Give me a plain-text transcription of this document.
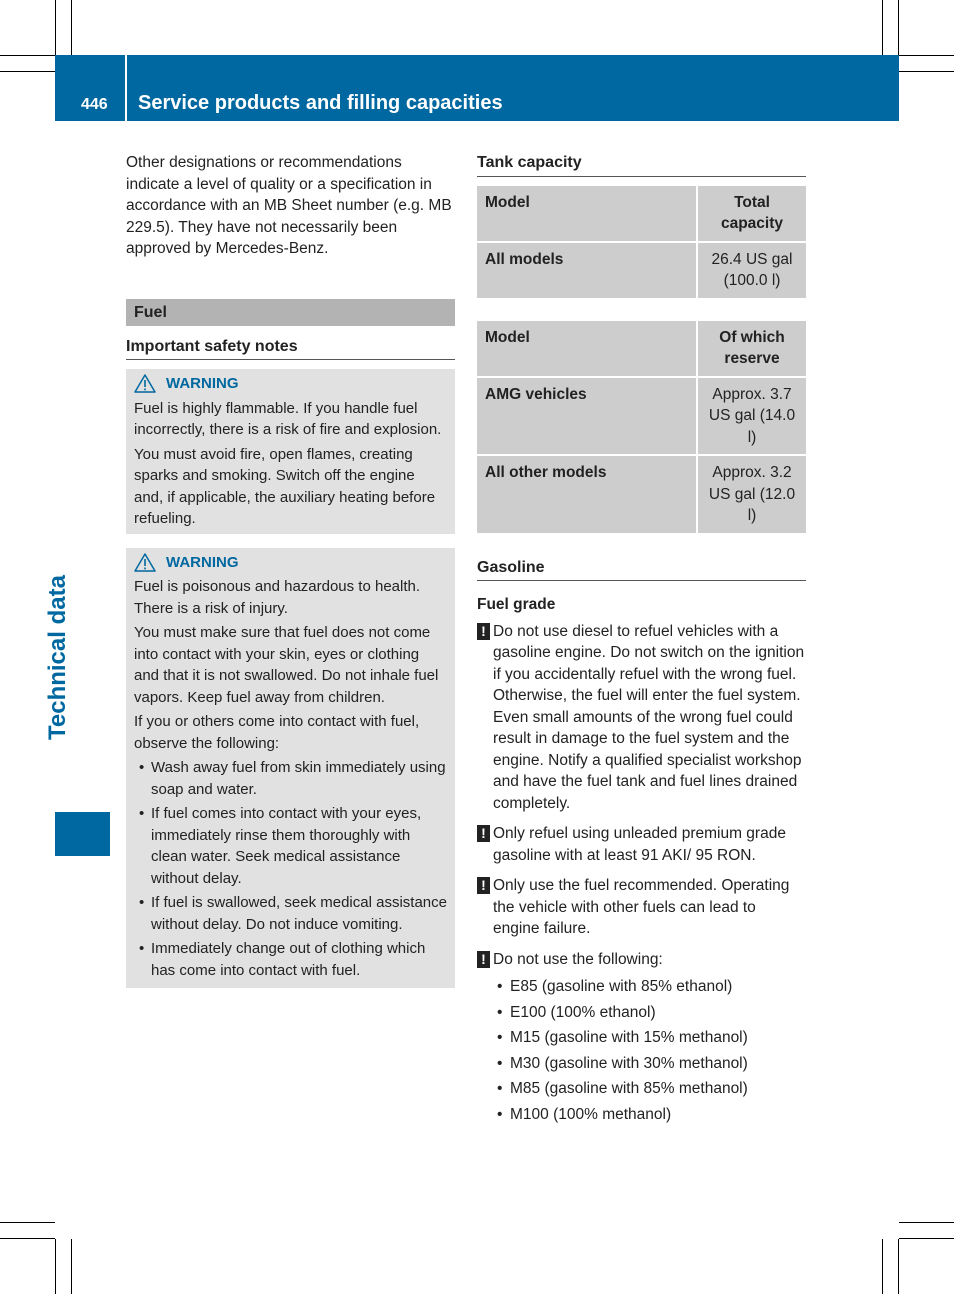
446 Service products and filling capacities
Technical data

Other designations or recommendations indicate a level of quality or a specification in accordance with an MB Sheet number (e.g. MB 229.5). They have not necessarily been approved by Mercedes-Benz.

Fuel
Important safety notes
WARNING

Fuel is highly flammable. If you handle fuel incorrectly, there is a risk of fire and explosion.

You must avoid fire, open flames, creating sparks and smoking. Switch off the engine and, if applicable, the auxiliary heating before refueling.

WARNING

Fuel is poisonous and hazardous to health. There is a risk of injury.

You must make sure that fuel does not come into contact with your skin, eyes or clothing and that it is not swallowed. Do not inhale fuel vapors. Keep fuel away from children.

If you or others come into contact with fuel, observe the following:

• Wash away fuel from skin immediately using soap and water.
• If fuel comes into contact with your eyes, immediately rinse them thoroughly with clean water. Seek medical assistance without delay.
• If fuel is swallowed, seek medical assistance without delay. Do not induce vomiting.
• Immediately change out of clothing which has come into contact with fuel.
Tank capacity
Model	Total capacity
All models	26.4 US gal (100.0 l)
Model	Of which reserve
AMG vehicles	Approx. 3.7 US gal (14.0 l)
All other models	Approx. 3.2 US gal (12.0 l)
Gasoline
Fuel grade
! Do not use diesel to refuel vehicles with a gasoline engine. Do not switch on the ignition if you accidentally refuel with the wrong fuel. Otherwise, the fuel will enter the fuel system. Even small amounts of the wrong fuel could result in damage to the fuel system and the engine. Notify a qualified specialist workshop and have the fuel tank and fuel lines drained completely.
! Only refuel using unleaded premium grade gasoline with at least 91 AKI/ 95 RON.
! Only use the fuel recommended. Operating the vehicle with other fuels can lead to engine failure.
! Do not use the following:
• E85 (gasoline with 85% ethanol)
• E100 (100% ethanol)
• M15 (gasoline with 15% methanol)
• M30 (gasoline with 30% methanol)
• M85 (gasoline with 85% methanol)
• M100 (100% methanol)
